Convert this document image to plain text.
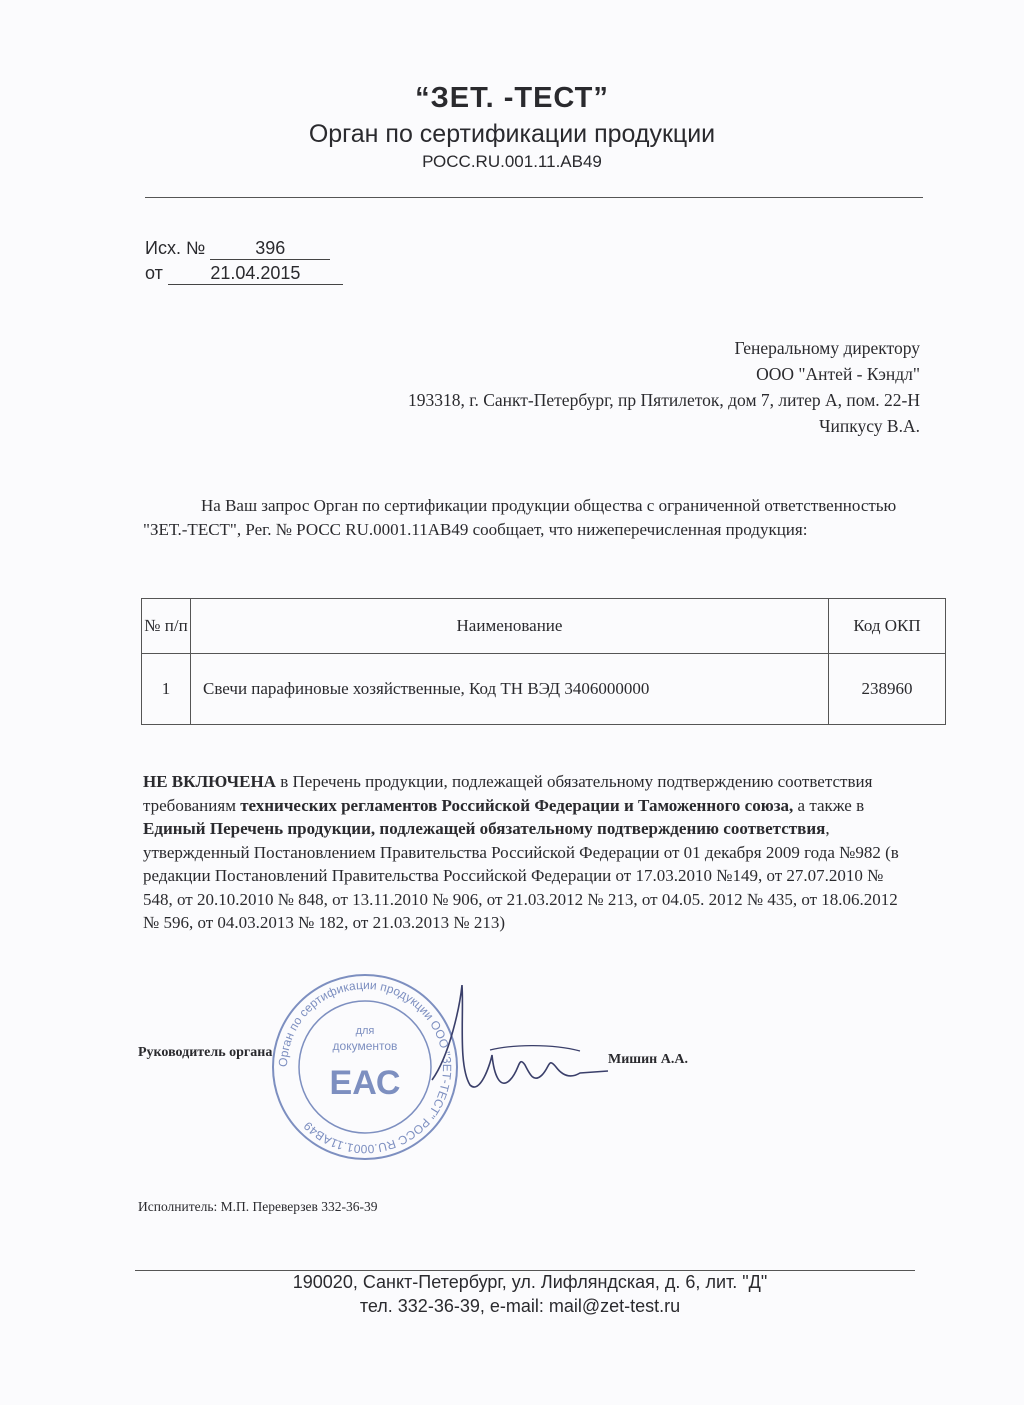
“ЗЕТ. -ТЕСТ”
Орган по сертификации продукции
РОСС.RU.001.11.АВ49
Исх. №	396
от	21.04.2015
Генеральному директору
ООО "Антей - Кэндл"
193318, г. Санкт-Петербург, пр Пятилеток, дом 7, литер А, пом. 22-Н
Чипкусу В.А.
На Ваш запрос Орган по сертификации продукции общества с ограниченной ответственностью "ЗЕТ.-ТЕСТ", Рег. № РОСС RU.0001.11АВ49 сообщает, что нижеперечисленная продукция:
№ п/п	Наименование	Код ОКП
1	Свечи парафиновые хозяйственные, Код ТН ВЭД 3406000000	238960
НЕ ВКЛЮЧЕНА в Перечень продукции, подлежащей обязательному подтверждению соответствия требованиям технических регламентов Российской Федерации и Таможенного союза, а также в Единый Перечень продукции, подлежащей обязательному подтверждению соответствия, утвержденный Постановлением Правительства Российской Федерации от 01 декабря 2009 года №982 (в редакции Постановлений Правительства Российской Федерации от 17.03.2010 №149, от 27.07.2010 № 548, от 20.10.2010 № 848, от 13.11.2010 № 906, от 21.03.2012 № 213, от 04.05. 2012 № 435, от 18.06.2012 № 596, от 04.03.2013 № 182, от 21.03.2013 № 213)
Руководитель органа	Мишин А.А.
Орган по сертификации продукции ООО "ЗЕТ-ТЕСТ" РОСС RU.0001.11АВ49
для
документов
ЕАС
Исполнитель: М.П. Переверзев 332-36-39
190020, Санкт-Петербург, ул. Лифляндская, д. 6, лит. "Д"
тел. 332-36-39, e-mail: mail@zet-test.ru
